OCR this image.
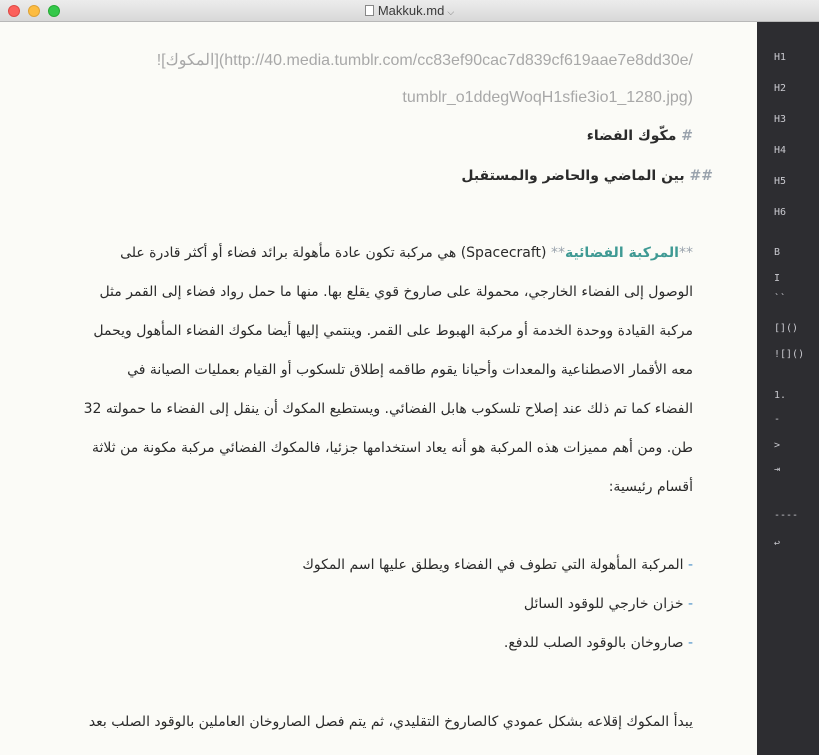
Makkuk.md ⌵
![المكوك](http://40.media.tumblr.com/cc83ef90cac7d839cf619aae7e8dd30e/
tumblr_o1ddegWoqH1sfie3io1_1280.jpg)
# مكّوك الفضاء
## بين الماضي والحاضر والمستقبل
**المركبة الفضائية** (Spacecraft) هي مركبة تكون عادة مأهولة برائد فضاء أو أكثر قادرة على
الوصول إلى الفضاء الخارجي، محمولة على صاروخ قوي يقلع بها. منها ما حمل رواد فضاء إلى القمر مثل
مركبة القيادة ووحدة الخدمة أو مركبة الهبوط على القمر. وينتمي إليها أيضا مكوك الفضاء المأهول ويحمل
معه الأقمار الاصطناعية والمعدات وأحيانا يقوم طاقمه إطلاق تلسكوب أو القيام بعمليات الصيانة في
الفضاء كما تم ذلك عند إصلاح تلسكوب هابل الفضائي. ويستطيع المكوك أن ينقل إلى الفضاء ما حمولته 32
طن. ومن أهم مميزات هذه المركبة هو أنه يعاد استخدامها جزئيا، فالمكوك الفضائي مركبة مكونة من ثلاثة
أقسام رئيسية:
- المركبة المأهولة التي تطوف في الفضاء ويطلق عليها اسم المكوك
- خزان خارجي للوقود السائل
- صاروخان بالوقود الصلب للدفع.
يبدأ المكوك إقلاعه بشكل عمودي كالصاروخ التقليدي، ثم يتم فصل الصاروخان العاملين بالوقود الصلب بعد
H1
H2
H3
H4
H5
H6
B
I
``
[]()
![]()
1.
-
>
⇥
----
↩
